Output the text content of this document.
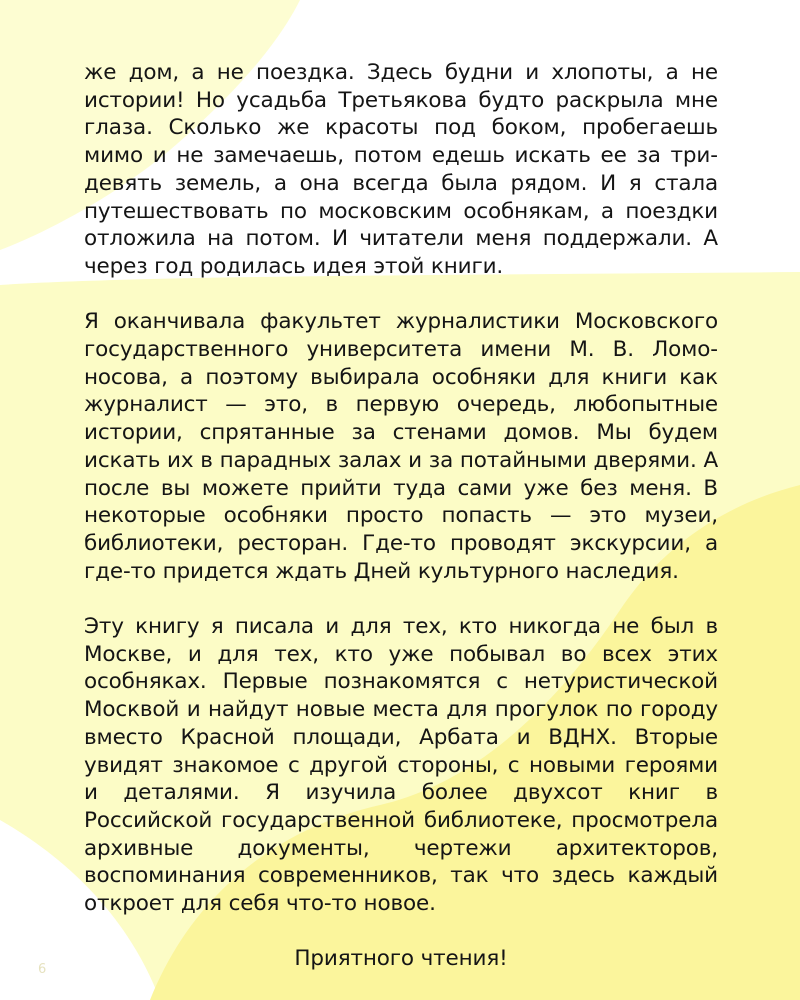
же дом, а не поездка. Здесь будни и хлопоты, а не истории! Но усадьба Третьякова будто раскрыла мне глаза. Сколько же красоты под боком, пробегаешь мимо и не замечаешь, потом едешь искать ее за тридевять земель, а она всегда была рядом. И я стала путешествовать по московским особнякам, а поездки отложила на потом. И читатели меня поддержали. А через год родилась идея этой книги.

Я оканчивала факультет журналистики Московского государственного университета имени М. В. Ломоносова, а поэтому выбирала особняки для книги как журналист — это, в первую очередь, любопытные истории, спрятанные за стенами домов. Мы будем искать их в парадных залах и за потайными дверями. А после вы можете прийти туда сами уже без меня. В некоторые особняки просто попасть — это музеи, библиотеки, ресторан. Где-то проводят экскурсии, а где-то придется ждать Дней культурного наследия.

Эту книгу я писала и для тех, кто никогда не был в Москве, и для тех, кто уже побывал во всех этих особняках. Первые познакомятся с нетуристической Москвой и найдут новые места для прогулок по городу вместо Красной площади, Арбата и ВДНХ. Вторые увидят знакомое с другой стороны, с новыми героями и деталями. Я изучила более двухсот книг в Российской государственной библиотеке, просмотрела архивные документы, чертежи архитекторов, воспоминания современников, так что здесь каждый откроет для себя что-то новое.

Приятного чтения!

6
